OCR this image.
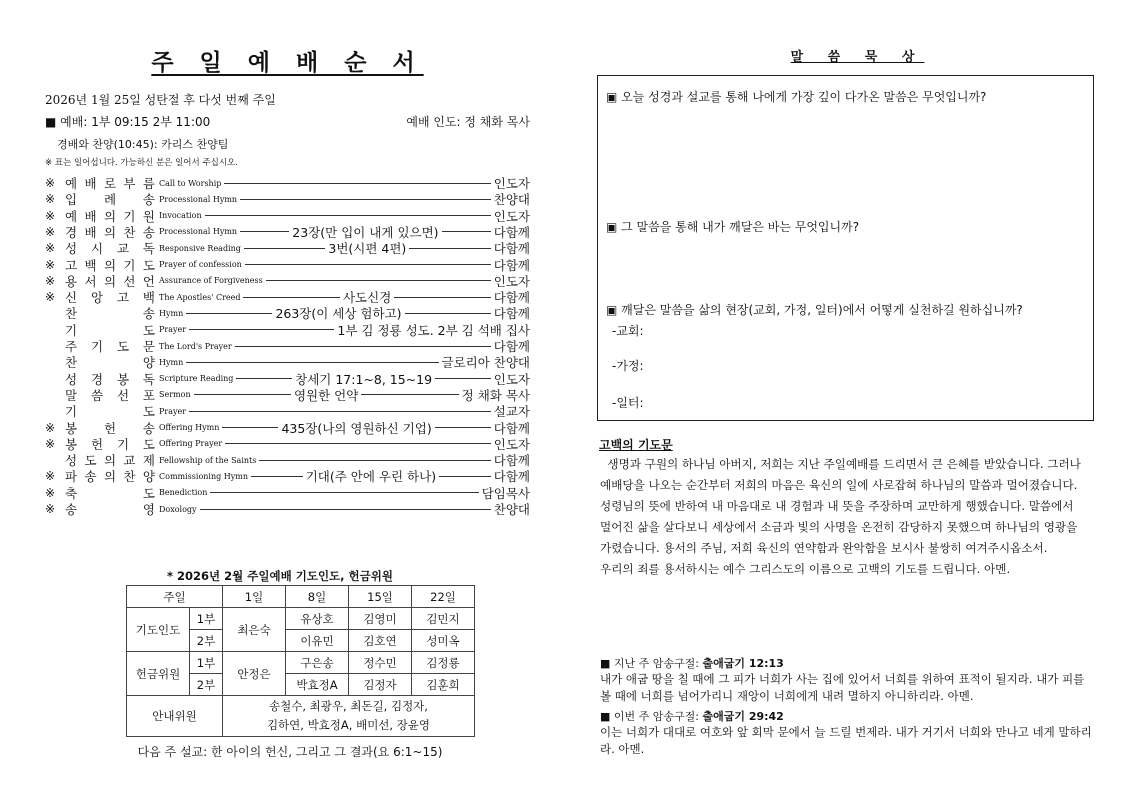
주 일 예 배 순 서
2026년 1월 25일 성탄절 후 다섯 번째 주일
■ 예배: 1부 09:15 2부 11:00	예배 인도: 정 채화 목사
경배와 찬양(10:45): 카리스 찬양팀
※ 표는 일어섭니다. 가능하신 분은 일어서 주십시오.
※ 예 배 로 부 름 Call to Worship	인도자
※ 입 례 송 Processional Hymn	찬양대
※ 예 배 의 기 원 Invocation	인도자
※ 경 배 의 찬 송 Processional Hymn	23장(만 입이 내게 있으면)	다함께
※ 성 시 교 독 Responsive Reading	3번(시편 4편)	다함께
※ 고 백 의 기 도 Prayer of confession	다함께
※ 용 서 의 선 언 Assurance of Forgiveness	인도자
※ 신 앙 고 백 The Apostles' Creed	사도신경	다함께
찬	송 Hymn	263장(이 세상 험하고)	다함께
기	도 Prayer	1부 김 정룡 성도. 2부 김 석배 집사
주 기 도 문 The Lord's Prayer	다함께
찬	양 Hymn	글로리아 찬양대
성 경 봉 독 Scripture Reading	창세기 17:1~8, 15~19	인도자
말 씀 선 포 Sermon	영원한 언약	정 채화 목사
기	도 Prayer	설교자
※ 봉 헌 송 Offering Hymn	435장(나의 영원하신 기업)	다함께
※ 봉 헌 기 도 Offering Prayer	인도자
성 도 의 교 제 Fellowship of the Saints	다함께
※ 파 송 의 찬 양 Commissioning Hymn	기대(주 안에 우린 하나)	다함께
※ 축	도 Benediction	담임목사
※ 송	영 Doxology	찬양대
* 2026년 2월 주일예배 기도인도, 헌금위원
주일		1일	8일	15일	22일
기도인도	1부	최은숙	유상호	김영미	김민지
	2부		이유민	김호연	성미옥
헌금위원	1부	안정은	구은송	정수민	김정룡
	2부		박효정A	김정자	김훈희
안내위원		송철수, 최광우, 최돈길, 김정자,
김하연, 박효정A, 배미선, 장윤영			
다음 주 설교: 한 아이의 헌신, 그리고 그 결과(요 6:1~15)
말 씀 묵 상
▣ 오늘 성경과 설교를 통해 나에게 가장 깊이 다가온 말씀은 무엇입니까?
▣ 그 말씀을 통해 내가 깨달은 바는 무엇입니까?
▣ 깨달은 말씀을 삶의 현장(교회, 가정, 일터)에서 어떻게 실천하길 원하십니까?
-교회:
-가정:
-일터:
고백의 기도문
생명과 구원의 하나님 아버지, 저희는 지난 주일예배를 드리면서 큰 은혜를 받았습니다. 그러나
예배당을 나오는 순간부터 저희의 마음은 육신의 일에 사로잡혀 하나님의 말씀과 멀어졌습니다.
성령님의 뜻에 반하여 내 마음대로 내 경험과 내 뜻을 주장하며 교만하게 행했습니다. 말씀에서
멀어진 삶을 살다보니 세상에서 소금과 빛의 사명을 온전히 감당하지 못했으며 하나님의 영광을
가렸습니다. 용서의 주님, 저희 육신의 연약함과 완악함을 보시사 불쌍히 여겨주시옵소서.
우리의 죄를 용서하시는 예수 그리스도의 이름으로 고백의 기도를 드립니다. 아멘.
■ 지난 주 암송구절: 출애굽기 12:13
내가 애굽 땅을 칠 때에 그 피가 너희가 사는 집에 있어서 너희를 위하여 표적이 될지라. 내가 피를 볼 때에 너희를 넘어가리니 재앙이 너희에게 내려 멸하지 아니하리라. 아멘.
■ 이번 주 암송구절: 출애굽기 29:42
이는 너희가 대대로 여호와 앞 회막 문에서 늘 드릴 번제라. 내가 거기서 너희와 만나고 네게 말하리라. 아멘.
